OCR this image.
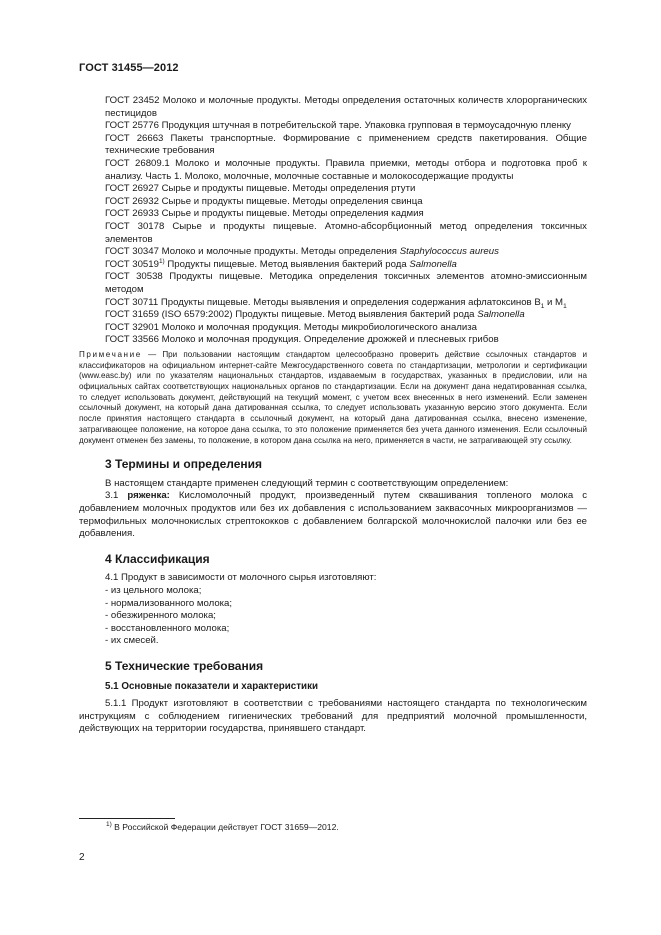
ГОСТ 31455—2012

ГОСТ 23452 Молоко и молочные продукты. Методы определения остаточных количеств хлорорганических пестицидов

ГОСТ 25776 Продукция штучная в потребительской таре. Упаковка групповая в термоусадочную пленку

ГОСТ 26663 Пакеты транспортные. Формирование с применением средств пакетирования. Общие технические требования

ГОСТ 26809.1 Молоко и молочные продукты. Правила приемки, методы отбора и подготовка проб к анализу. Часть 1. Молоко, молочные, молочные составные и молокосодержащие продукты

ГОСТ 26927 Сырье и продукты пищевые. Методы определения ртути

ГОСТ 26932 Сырье и продукты пищевые. Методы определения свинца

ГОСТ 26933 Сырье и продукты пищевые. Методы определения кадмия

ГОСТ 30178 Сырье и продукты пищевые. Атомно-абсорбционный метод определения токсичных элементов

ГОСТ 30347 Молоко и молочные продукты. Методы определения Staphylococcus aureus

ГОСТ 30519$^{1)}$ Продукты пищевые. Метод выявления бактерий рода Salmonella

ГОСТ 30538 Продукты пищевые. Методика определения токсичных элементов атомно-эмиссионным методом

ГОСТ 30711 Продукты пищевые. Методы выявления и определения содержания афлатоксинов $В_1$ и $М_1$

ГОСТ 31659 (ISO 6579:2002) Продукты пищевые. Метод выявления бактерий рода Salmonella

ГОСТ 32901 Молоко и молочная продукция. Методы микробиологического анализа

ГОСТ 33566 Молоко и молочная продукция. Определение дрожжей и плесневых грибов

Примечание — При пользовании настоящим стандартом целесообразно проверить действие ссылочных стандартов и классификаторов на официальном интернет-сайте Межгосударственного совета по стандартизации, метрологии и сертификации (www.easc.by) или по указателям национальных стандартов, издаваемым в государствах, указанных в предисловии, или на официальных сайтах соответствующих национальных органов по стандартизации. Если на документ дана недатированная ссылка, то следует использовать документ, действующий на текущий момент, с учетом всех внесенных в него изменений. Если заменен ссылочный документ, на который дана датированная ссылка, то следует использовать указанную версию этого документа. Если после принятия настоящего стандарта в ссылочный документ, на который дана датированная ссылка, внесено изменение, затрагивающее положение, на которое дана ссылка, то это положение применяется без учета данного изменения. Если ссылочный документ отменен без замены, то положение, в котором дана ссылка на него, применяется в части, не затрагивающей эту ссылку.

3 Термины и определения

В настоящем стандарте применен следующий термин с соответствующим определением:

3.1 ряженка: Кисломолочный продукт, произведенный путем сквашивания топленого молока с добавлением молочных продуктов или без их добавления с использованием заквасочных микроорганизмов — термофильных молочнокислых стрептококков с добавлением болгарской молочнокислой палочки или без ее добавления.

4 Классификация

4.1 Продукт в зависимости от молочного сырья изготовляют:

- из цельного молока;
- нормализованного молока;
- обезжиренного молока;
- восстановленного молока;
- их смесей.
5 Технические требования
5.1 Основные показатели и характеристики

5.1.1 Продукт изготовляют в соответствии с требованиями настоящего стандарта по технологическим инструкциям с соблюдением гигиенических требований для предприятий молочной промышленности, действующих на территории государства, принявшего стандарт.

$^{1)}$ В Российской Федерации действует ГОСТ 31659—2012.
2
